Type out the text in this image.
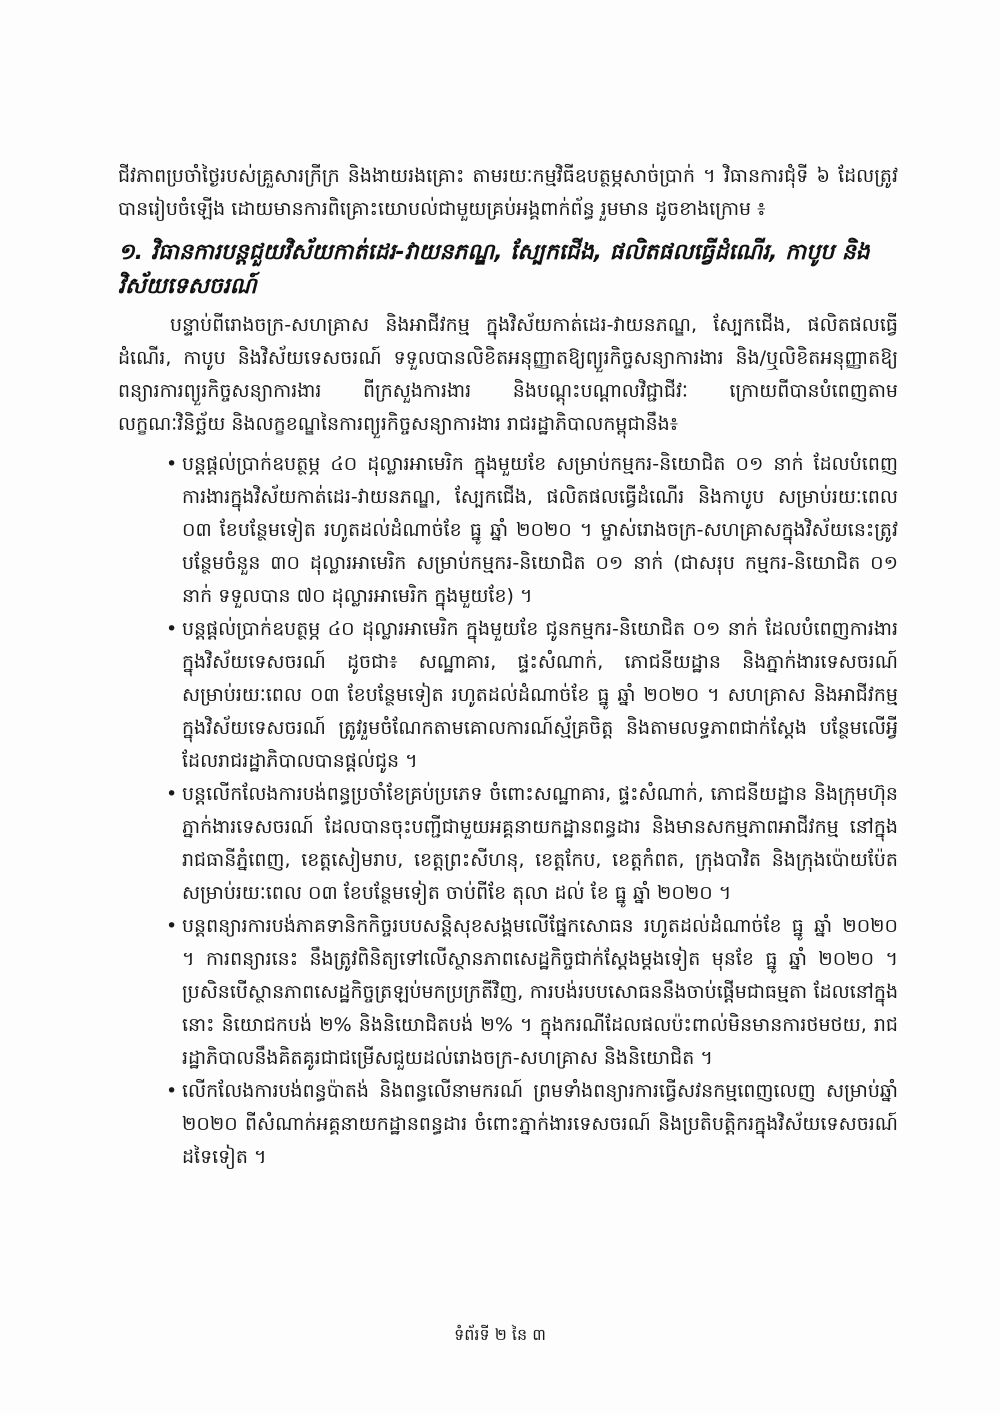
ជីវភាពប្រចាំថ្ងៃរបស់គ្រួសារក្រីក្រ និងងាយរងគ្រោះ តាមរយៈកម្មវិធីឧបត្ថម្ភសាច់ប្រាក់ ។ វិធានការជុំទី ៦ ដែលត្រូវបានរៀបចំឡើង ដោយមានការពិគ្រោះយោបល់ជាមួយគ្រប់អង្គពាក់ព័ន្ធ រួមមាន ដូចខាងក្រោម ៖

១. វិធានការបន្តជួយវិស័យកាត់ដេរ-វាយនភណ្ឌ, ស្បែកជើង, ផលិតផលធ្វើដំណើរ, កាបូប និងវិស័យទេសចរណ៍

បន្ទាប់ពីរោងចក្រ-សហគ្រាស និងអាជីវកម្ម ក្នុងវិស័យកាត់ដេរ-វាយនភណ្ឌ, ស្បែកជើង, ផលិតផលធ្វើដំណើរ, កាបូប និងវិស័យទេសចរណ៍ ទទួលបានលិខិតអនុញ្ញាតឱ្យព្យួរកិច្ចសន្យាការងារ និង/ឬលិខិតអនុញ្ញាតឱ្យពន្យារការព្យួរកិច្ចសន្យាការងារ ពីក្រសួងការងារ និងបណ្តុះបណ្តាលវិជ្ជាជីវៈ ក្រោយពីបានបំពេញតាមលក្ខណៈវិនិច្ឆ័យ និងលក្ខខណ្ឌនៃការព្យួរកិច្ចសន្យាការងារ រាជរដ្ឋាភិបាលកម្ពុជានឹង៖

• បន្តផ្តល់ប្រាក់ឧបត្ថម្ភ ៤០ ដុល្លារអាមេរិក ក្នុងមួយខែ សម្រាប់កម្មករ-និយោជិត ០១ នាក់ ដែលបំពេញការងារក្នុងវិស័យកាត់ដេរ-វាយនភណ្ឌ, ស្បែកជើង, ផលិតផលធ្វើដំណើរ និងកាបូប សម្រាប់រយៈពេល ០៣ ខែបន្ថែមទៀត រហូតដល់ដំណាច់ខែ ធ្នូ ឆ្នាំ ២០២០ ។ ម្ចាស់រោងចក្រ-សហគ្រាសក្នុងវិស័យនេះត្រូវបន្ថែមចំនួន ៣០ ដុល្លារអាមេរិក សម្រាប់កម្មករ-និយោជិត ០១ នាក់ (ជាសរុប កម្មករ-និយោជិត ០១ នាក់ ទទួលបាន ៧០ ដុល្លារអាមេរិក ក្នុងមួយខែ) ។
• បន្តផ្តល់ប្រាក់ឧបត្ថម្ភ ៤០ ដុល្លារអាមេរិក ក្នុងមួយខែ ជូនកម្មករ-និយោជិត ០១ នាក់ ដែលបំពេញការងារក្នុងវិស័យទេសចរណ៍ ដូចជា៖ សណ្ឋាគារ, ផ្ទះសំណាក់, ភោជនីយដ្ឋាន និងភ្នាក់ងារទេសចរណ៍ សម្រាប់រយៈពេល ០៣ ខែបន្ថែមទៀត រហូតដល់ដំណាច់ខែ ធ្នូ ឆ្នាំ ២០២០ ។ សហគ្រាស និងអាជីវកម្មក្នុងវិស័យទេសចរណ៍ ត្រូវរួមចំណែកតាមគោលការណ៍ស្ម័គ្រចិត្ត និងតាមលទ្ធភាពជាក់ស្តែង បន្ថែមលើអ្វីដែលរាជរដ្ឋាភិបាលបានផ្តល់ជូន ។
• បន្តលើកលែងការបង់ពន្ធប្រចាំខែគ្រប់ប្រភេទ ចំពោះសណ្ឋាគារ, ផ្ទះសំណាក់, ភោជនីយដ្ឋាន និងក្រុមហ៊ុនភ្នាក់ងារទេសចរណ៍ ដែលបានចុះបញ្ជីជាមួយអគ្គនាយកដ្ឋានពន្ធដារ និងមានសកម្មភាពអាជីវកម្ម នៅក្នុងរាជធានីភ្នំពេញ, ខេត្តសៀមរាប, ខេត្តព្រះសីហនុ, ខេត្តកែប, ខេត្តកំពត, ក្រុងបាវិត និងក្រុងប៉ោយប៉ែត សម្រាប់រយៈពេល ០៣ ខែបន្ថែមទៀត ចាប់ពីខែ តុលា ដល់ ខែ ធ្នូ ឆ្នាំ ២០២០ ។
• បន្តពន្យារការបង់ភាគទានិកកិច្ចរបបសន្តិសុខសង្គមលើផ្នែកសោធន រហូតដល់ដំណាច់ខែ ធ្នូ ឆ្នាំ ២០២០ ។ ការពន្យារនេះ នឹងត្រូវពិនិត្យទៅលើស្ថានភាពសេដ្ឋកិច្ចជាក់ស្តែងម្តងទៀត មុនខែ ធ្នូ ឆ្នាំ ២០២០ ។ ប្រសិនបើស្ថានភាពសេដ្ឋកិច្ចត្រឡប់មកប្រក្រតីវិញ, ការបង់របបសោធននឹងចាប់ផ្តើមជាធម្មតា ដែលនៅក្នុងនោះ និយោជកបង់ ២% និងនិយោជិតបង់ ២% ។ ក្នុងករណីដែលផលប៉ះពាល់មិនមានការថមថយ, រាជរដ្ឋាភិបាលនឹងគិតគូរជាជម្រើសជួយដល់រោងចក្រ-សហគ្រាស និងនិយោជិត ។
• លើកលែងការបង់ពន្ធប៉ាតង់ និងពន្ធលើនាមករណ៍ ព្រមទាំងពន្យារការធ្វើសវនកម្មពេញលេញ សម្រាប់ឆ្នាំ ២០២០ ពីសំណាក់អគ្គនាយកដ្ឋានពន្ធដារ ចំពោះភ្នាក់ងារទេសចរណ៍ និងប្រតិបត្តិករក្នុងវិស័យទេសចរណ៍ដទៃទៀត ។
ទំព័រទី ២ នៃ ៣
